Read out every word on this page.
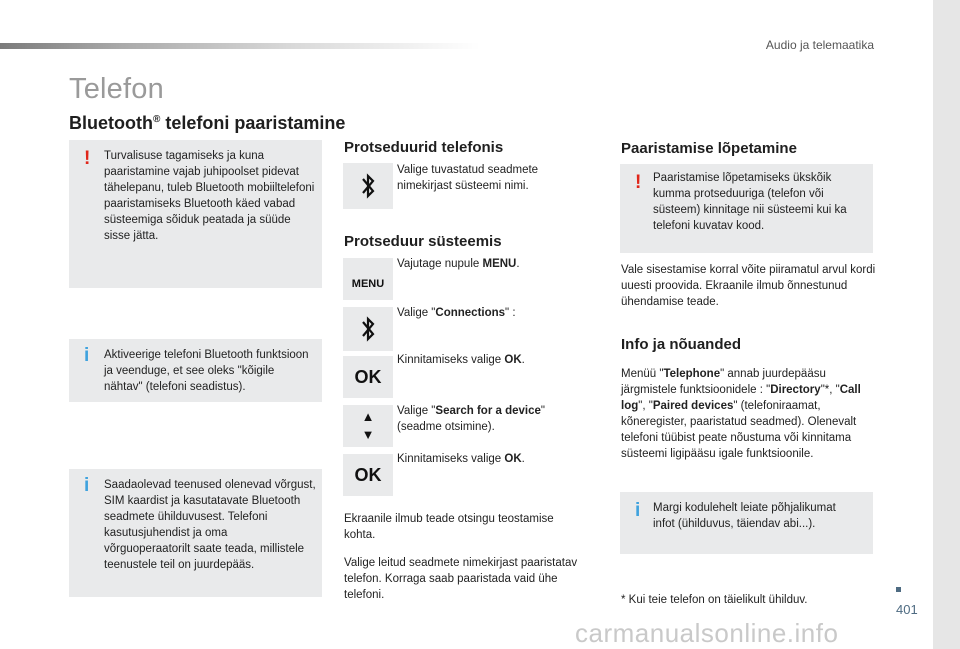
Audio ja telemaatika
Telefon
Bluetooth® telefoni paaristamine
! Turvalisuse tagamiseks ja kuna paaristamine vajab juhipoolset pidevat tähelepanu, tuleb Bluetooth mobiiltelefoni paaristamiseks Bluetooth käed vabad süsteemiga sõiduk peatada ja süüde sisse jätta.
i Aktiveerige telefoni Bluetooth funktsioon ja veenduge, et see oleks "kõigile nähtav" (telefoni seadistus).
i Saadaolevad teenused olenevad võrgust, SIM kaardist ja kasutatavate Bluetooth seadmete ühilduvusest. Telefoni kasutusjuhendist ja oma võrguoperaatorilt saate teada, millistele teenustele teil on juurdepääs.
Protseduurid telefonis
Valige tuvastatud seadmete nimekirjast süsteemi nimi.
Protseduur süsteemis
MENU
Vajutage nupule MENU.
Valige "Connections" :
OK
Kinnitamiseks valige OK.
▲
▼
Valige "Search for a device" (seadme otsimine).
OK
Kinnitamiseks valige OK.
Ekraanile ilmub teade otsingu teostamise kohta.
Valige leitud seadmete nimekirjast paaristatav telefon. Korraga saab paaristada vaid ühe telefoni.
Paaristamise lõpetamine
! Paaristamise lõpetamiseks ükskõik kumma protseduuriga (telefon või süsteem) kinnitage nii süsteemi kui ka telefoni kuvatav kood.
Vale sisestamise korral võite piiramatul arvul kordi uuesti proovida. Ekraanile ilmub õnnestunud ühendamise teade.
Info ja nõuanded
Menüü "Telephone" annab juurdepääsu järgmistele funktsioonidele : "Directory"*, "Call log", "Paired devices" (telefoniraamat, kõneregister, paaristatud seadmed). Olenevalt telefoni tüübist peate nõustuma või kinnitama süsteemi ligipääsu igale funktsioonile.
i Margi kodulehelt leiate põhjalikumat infot (ühilduvus, täiendav abi...).
* Kui teie telefon on täielikult ühilduv.
401
carmanualsonline.info
